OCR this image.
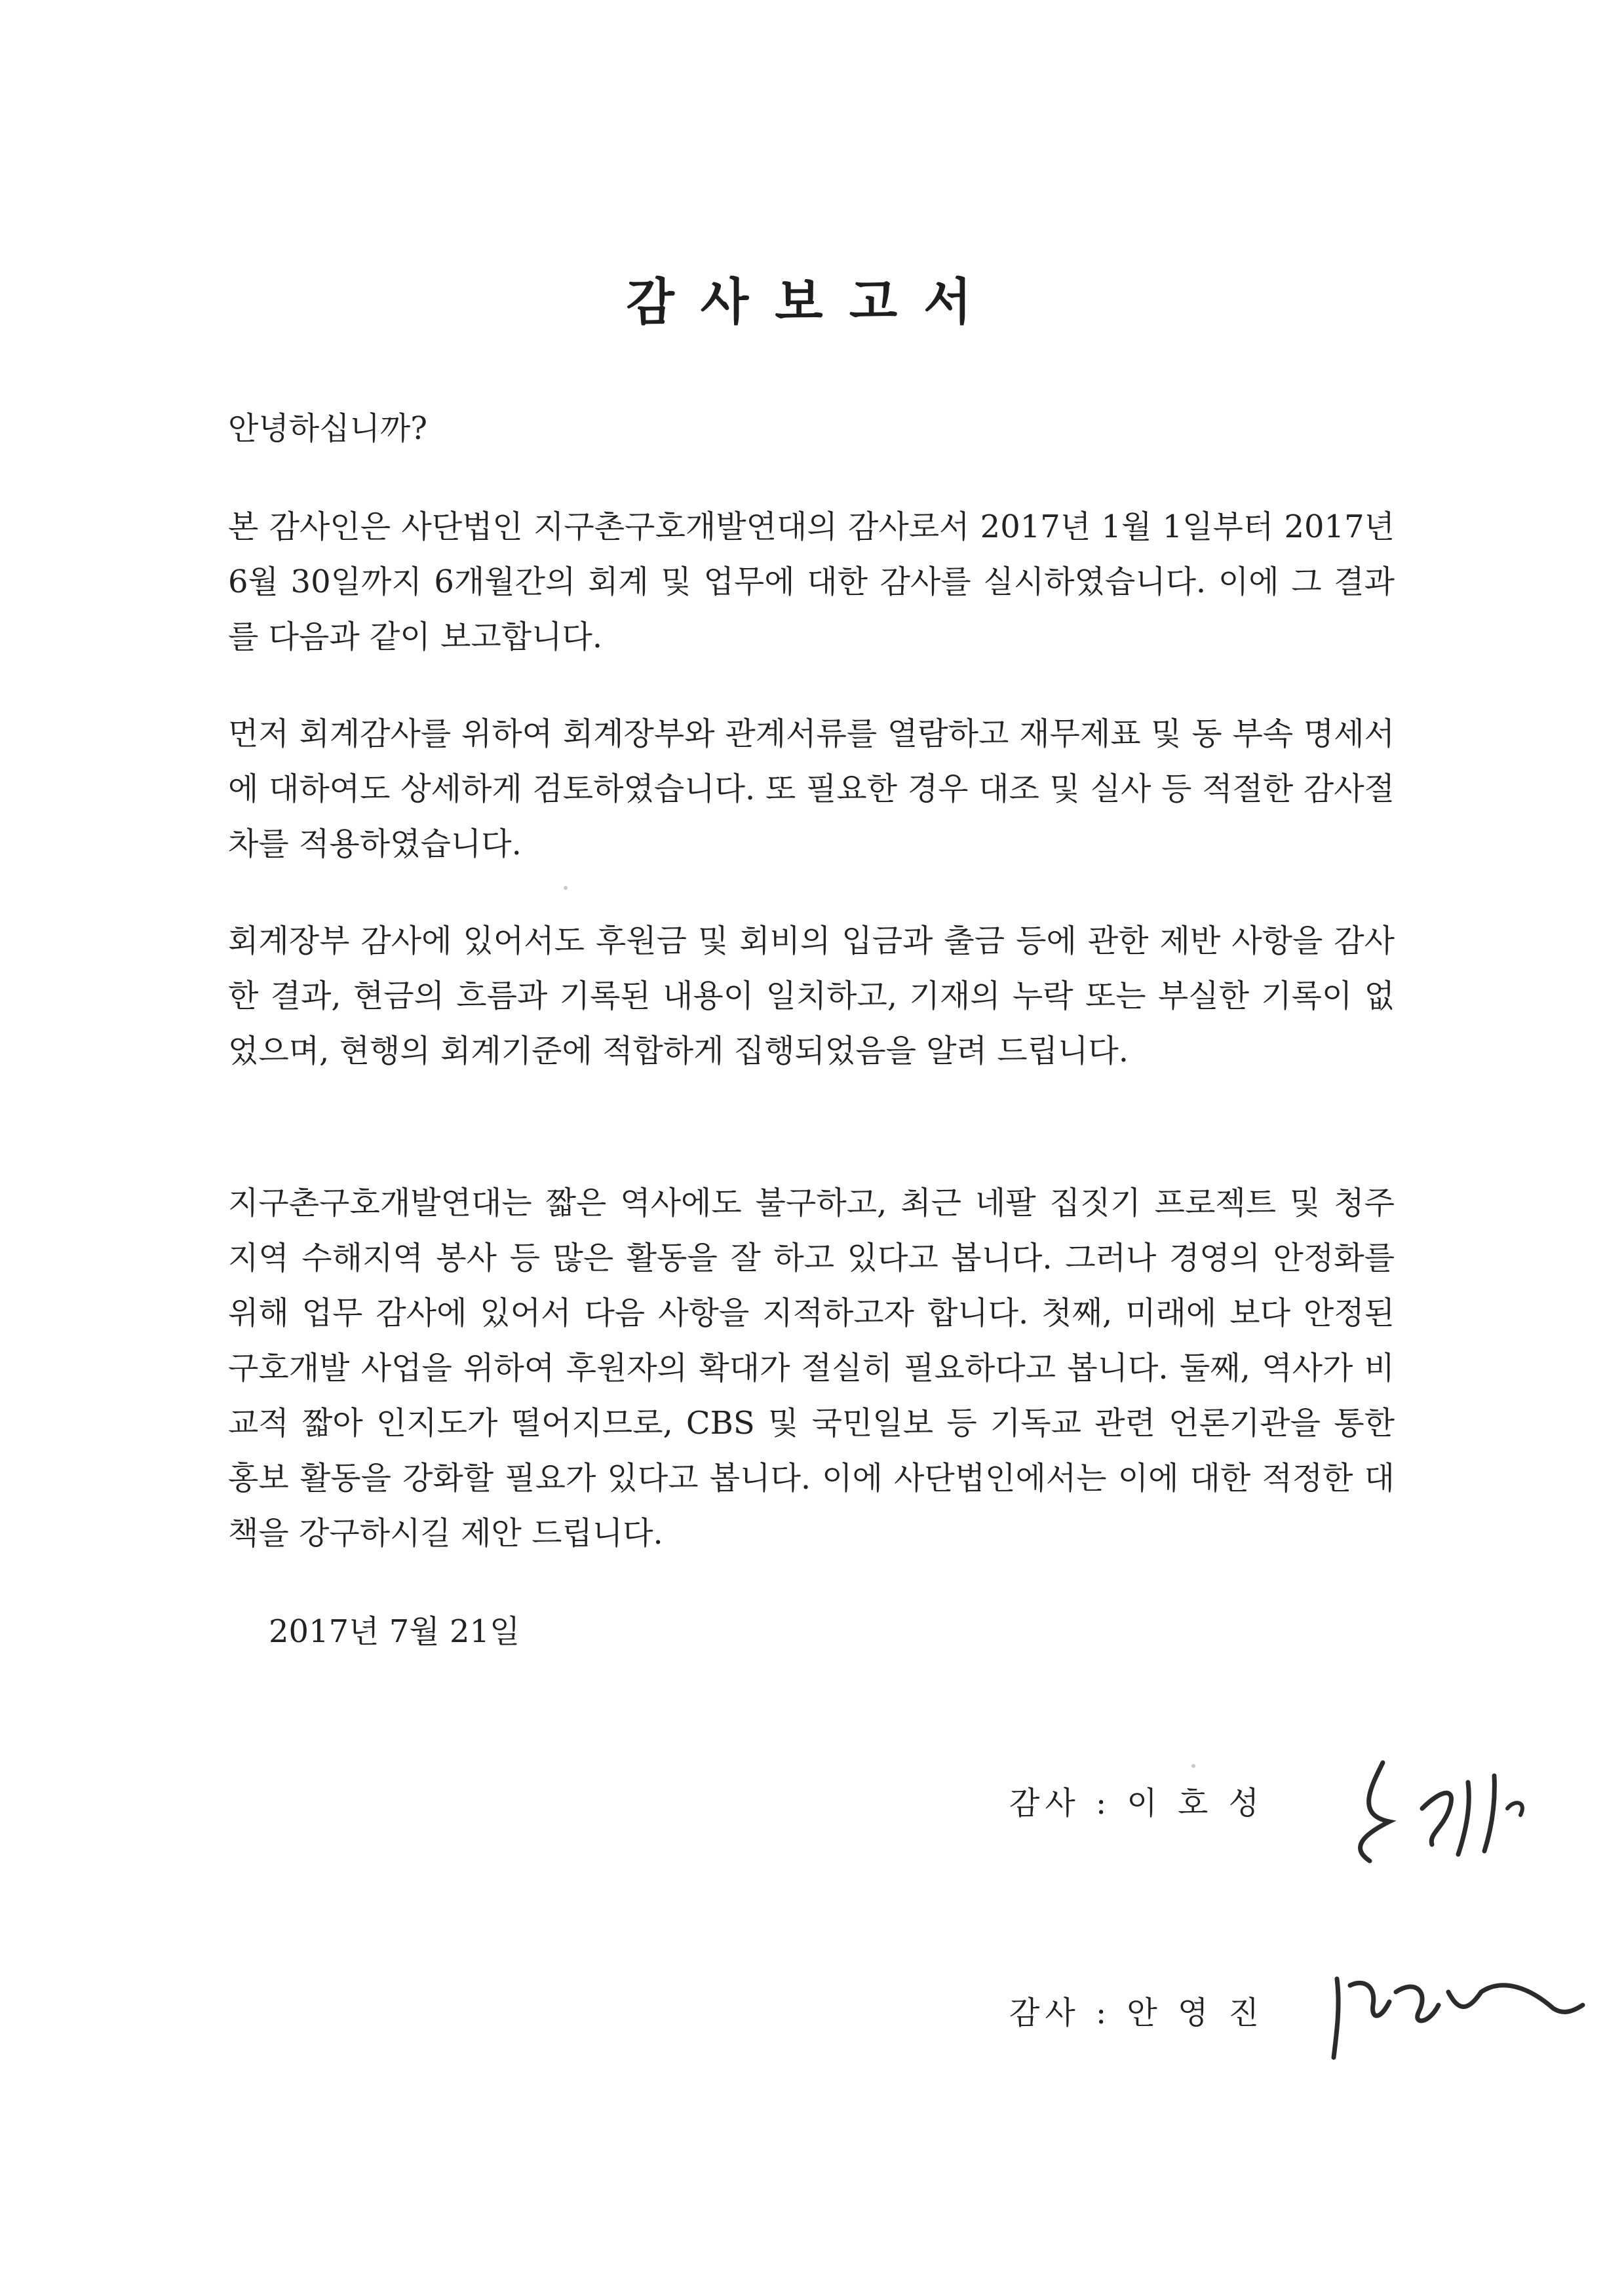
감사보고서

안녕하십니까?

본 감사인은 사단법인 지구촌구호개발연대의 감사로서 2017년 1월 1일부터 2017년 6월 30일까지 6개월간의 회계 및 업무에 대한 감사를 실시하였습니다. 이에 그 결과를 다음과 같이 보고합니다.

먼저 회계감사를 위하여 회계장부와 관계서류를 열람하고 재무제표 및 동 부속 명세서에 대하여도 상세하게 검토하였습니다. 또 필요한 경우 대조 및 실사 등 적절한 감사절차를 적용하였습니다.

회계장부 감사에 있어서도 후원금 및 회비의 입금과 출금 등에 관한 제반 사항을 감사한 결과, 현금의 흐름과 기록된 내용이 일치하고, 기재의 누락 또는 부실한 기록이 없었으며, 현행의 회계기준에 적합하게 집행되었음을 알려 드립니다.

지구촌구호개발연대는 짧은 역사에도 불구하고, 최근 네팔 집짓기 프로젝트 및 청주 지역 수해지역 봉사 등 많은 활동을 잘 하고 있다고 봅니다. 그러나 경영의 안정화를 위해 업무 감사에 있어서 다음 사항을 지적하고자 합니다. 첫째, 미래에 보다 안정된 구호개발 사업을 위하여 후원자의 확대가 절실히 필요하다고 봅니다. 둘째, 역사가 비교적 짧아 인지도가 떨어지므로, CBS 및 국민일보 등 기독교 관련 언론기관을 통한 홍보 활동을 강화할 필요가 있다고 봅니다. 이에 사단법인에서는 이에 대한 적정한 대책을 강구하시길 제안 드립니다.

2017년 7월 21일
감사 : 이 호 성
감사 : 안 영 진
